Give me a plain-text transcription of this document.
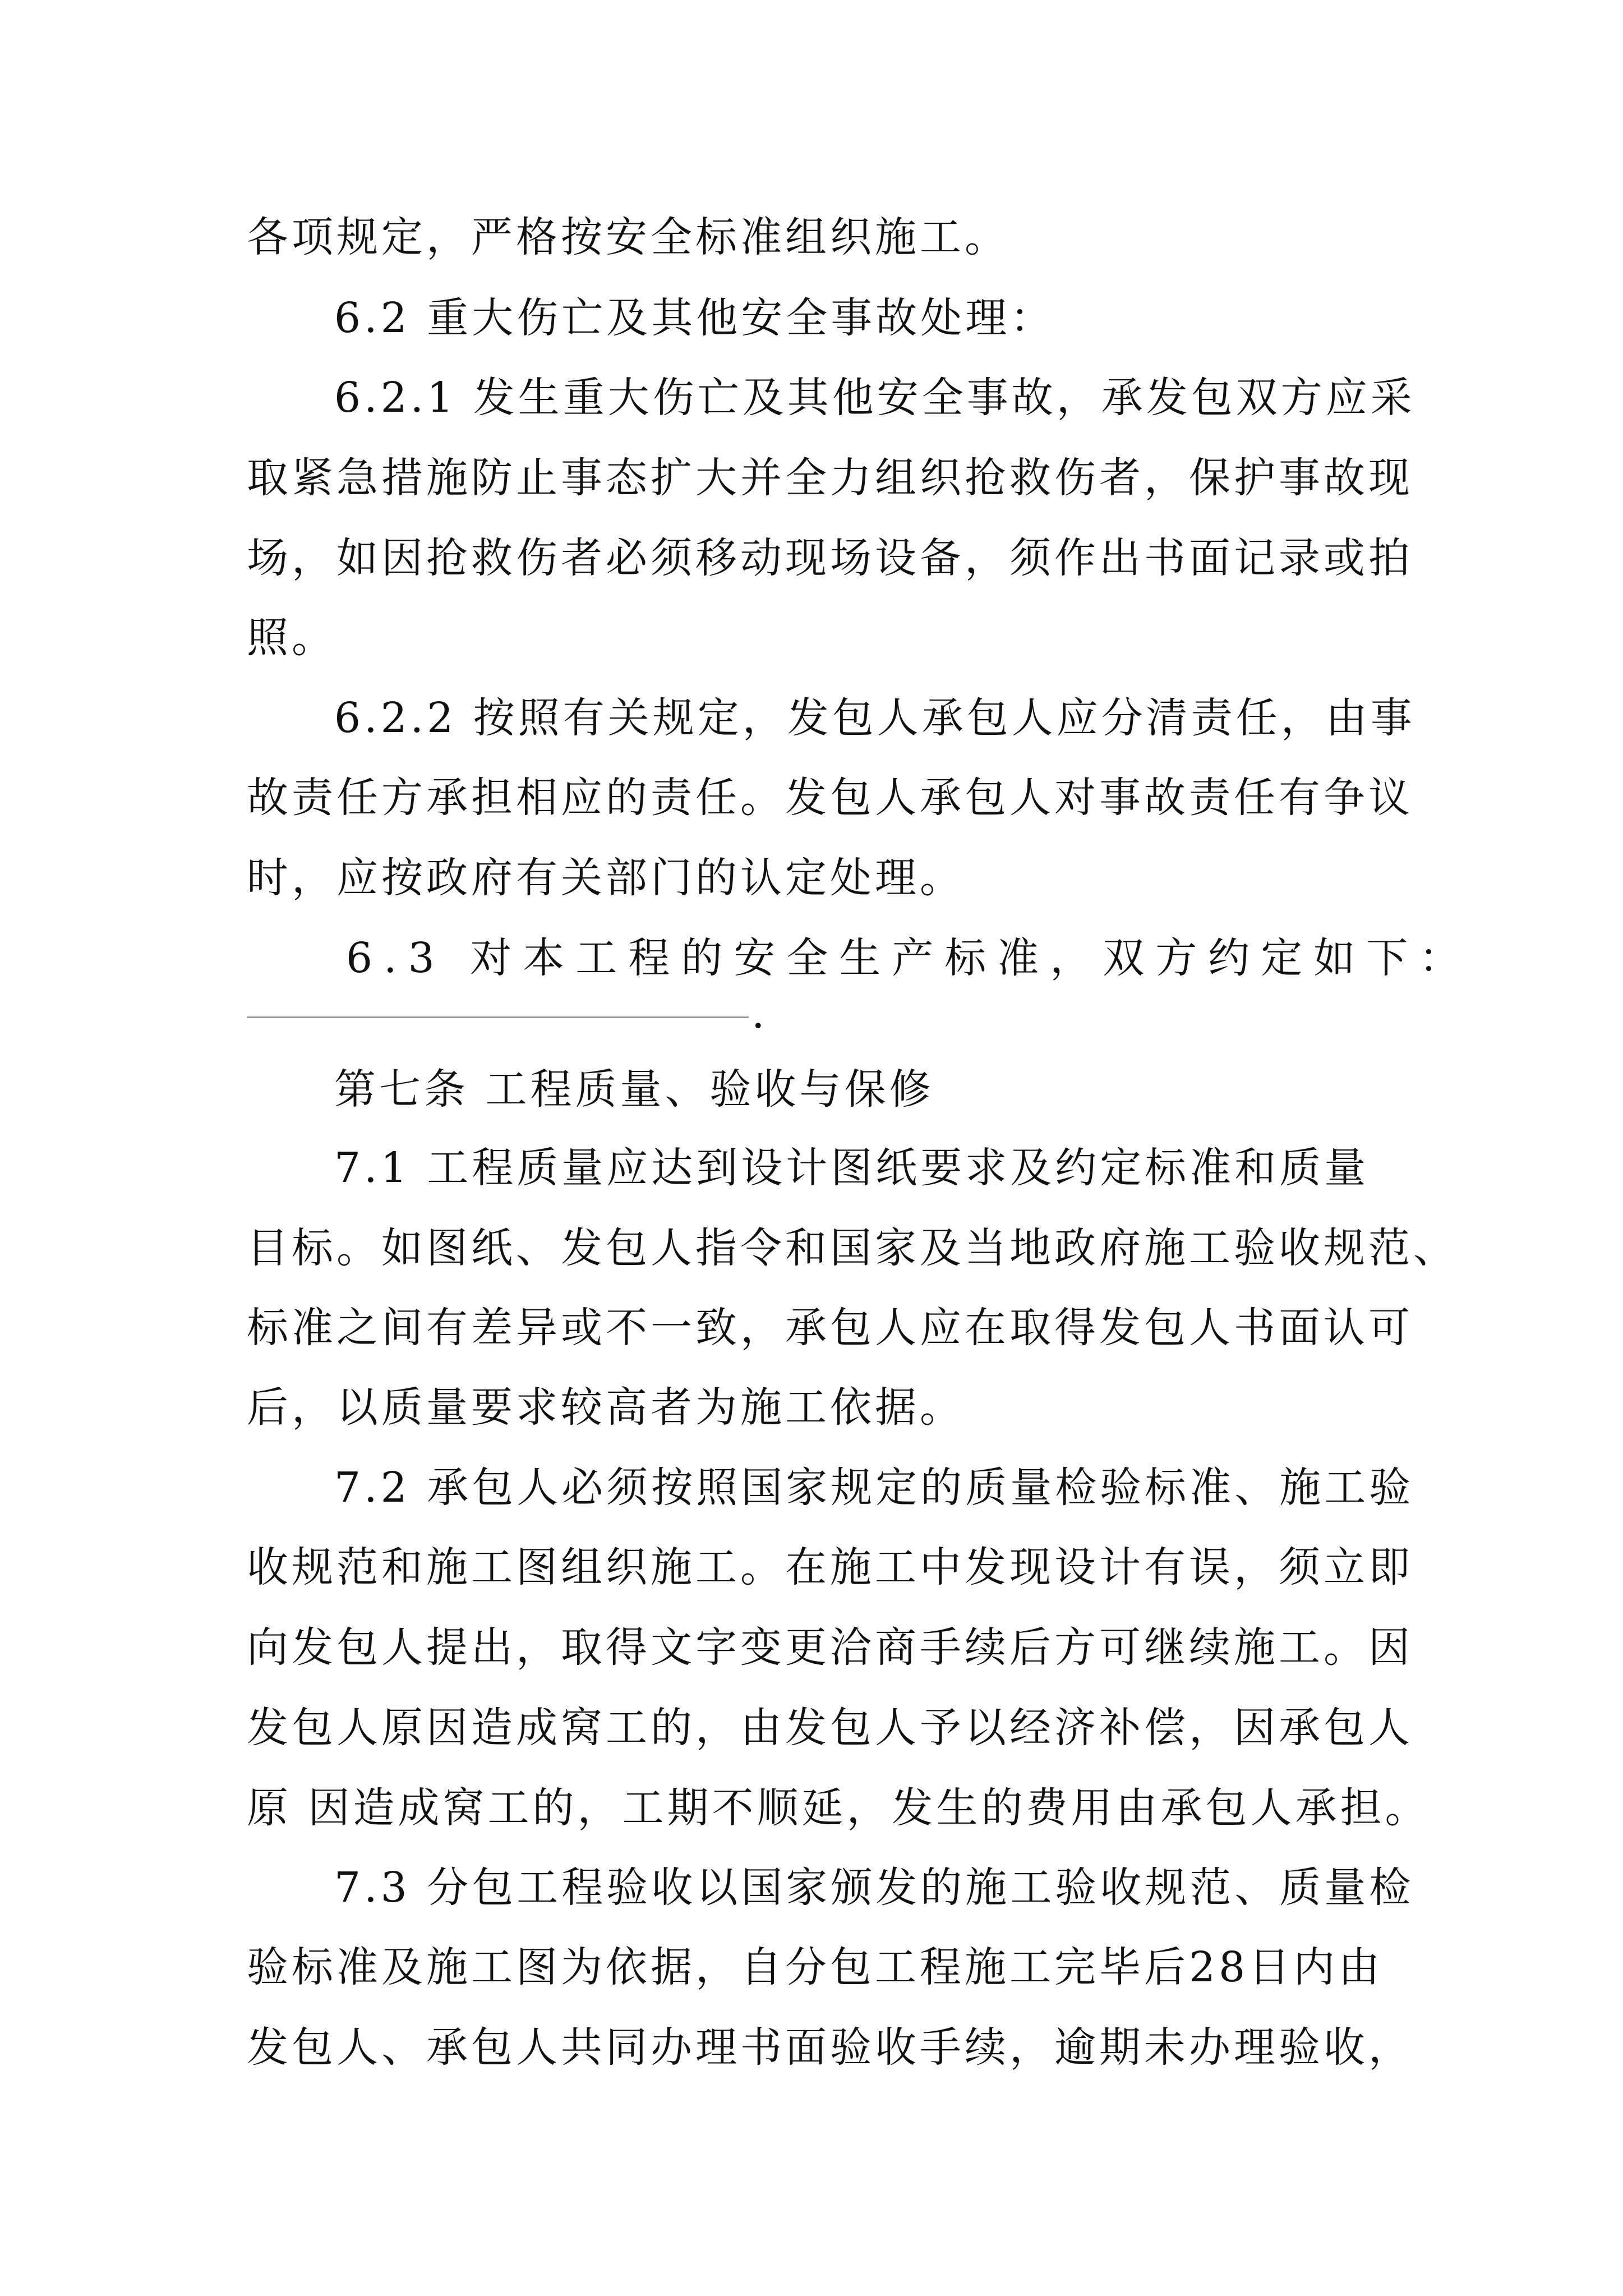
各项规定，严格按安全标准组织施工。
6.2 重大伤亡及其他安全事故处理：
6.2.1 发生重大伤亡及其他安全事故，承发包双方应采
取紧急措施防止事态扩大并全力组织抢救伤者，保护事故现
场，如因抢救伤者必须移动现场设备，须作出书面记录或拍
照。
6.2.2 按照有关规定，发包人承包人应分清责任，由事
故责任方承担相应的责任。发包人承包人对事故责任有争议
时，应按政府有关部门的认定处理。
6.3 对本工程的安全生产标准，双方约定如下：
.
第七条 工程质量、验收与保修
7.1 工程质量应达到设计图纸要求及约定标准和质量
目标。如图纸、发包人指令和国家及当地政府施工验收规范、
标准之间有差异或不一致，承包人应在取得发包人书面认可
后，以质量要求较高者为施工依据。
7.2 承包人必须按照国家规定的质量检验标准、施工验
收规范和施工图组织施工。在施工中发现设计有误，须立即
向发包人提出，取得文字变更洽商手续后方可继续施工。因
发包人原因造成窝工的，由发包人予以经济补偿，因承包人
原 因造成窝工的，工期不顺延，发生的费用由承包人承担。
7.3 分包工程验收以国家颁发的施工验收规范、质量检
验标准及施工图为依据，自分包工程施工完毕后28日内由
发包人、承包人共同办理书面验收手续，逾期未办理验收，
